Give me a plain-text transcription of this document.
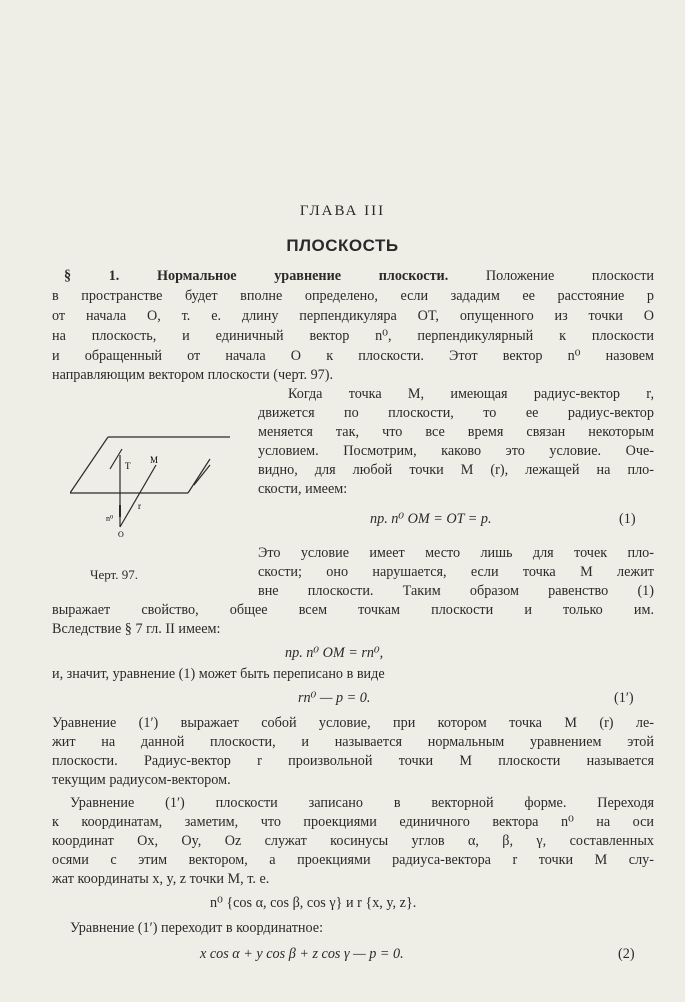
ГЛАВА III
ПЛОСКОСТЬ
§ 1.	Нормальное уравнение плоскости. Положение плоскости
в пространстве будет вполне определено, если зададим ее расстояние p
от начала O, т. е. длину перпендикуляра OT, опущенного из точки O
на плоскость, и единичный вектор n⁰, перпендикулярный к плоскости
и обращенный от начала O к плоскости. Этот вектор n⁰ назовем
направляющим вектором плоскости (черт. 97).
Когда точка M, имеющая радиус-вектор r,
движется по плоскости, то ее радиус-вектор
меняется так, что все время связан некоторым
условием. Посмотрим, каково это условие. Оче-
видно, для любой точки M (r), лежащей на пло-
скости, имеем:
M
T
r
n⁰
O
пр. n⁰ OM = OT = p.	(1)
Это условие имеет место лишь для точек пло-
скости; оно нарушается, если точка M лежит
вне плоскости. Таким образом равенство (1)
Черт. 97.
выражает свойство, общее всем точкам плоскости и только им.
Вследствие § 7 гл. II имеем:
пр. n⁰ OM = rn⁰,
и, значит, уравнение (1) может быть переписано в виде
rn⁰ — p = 0.	(1′)
Уравнение (1′) выражает собой условие, при котором точка M (r) ле-
жит на данной плоскости, и называется нормальным уравнением этой
плоскости. Радиус-вектор r произвольной точки M плоскости называется
текущим радиусом-вектором.
Уравнение (1′) плоскости записано в векторной форме. Переходя
к координатам, заметим, что проекциями единичного вектора n⁰ на оси
координат Ox, Oy, Oz служат косинусы углов α, β, γ, составленных
осями с этим вектором, а проекциями радиуса-вектора r точки M слу-
жат координаты x, y, z точки M, т. е.
n⁰ {cos α, cos β, cos γ} и r {x, y, z}.
Уравнение (1′) переходит в координатное:
x cos α + y cos β + z cos γ — p = 0.	(2)
